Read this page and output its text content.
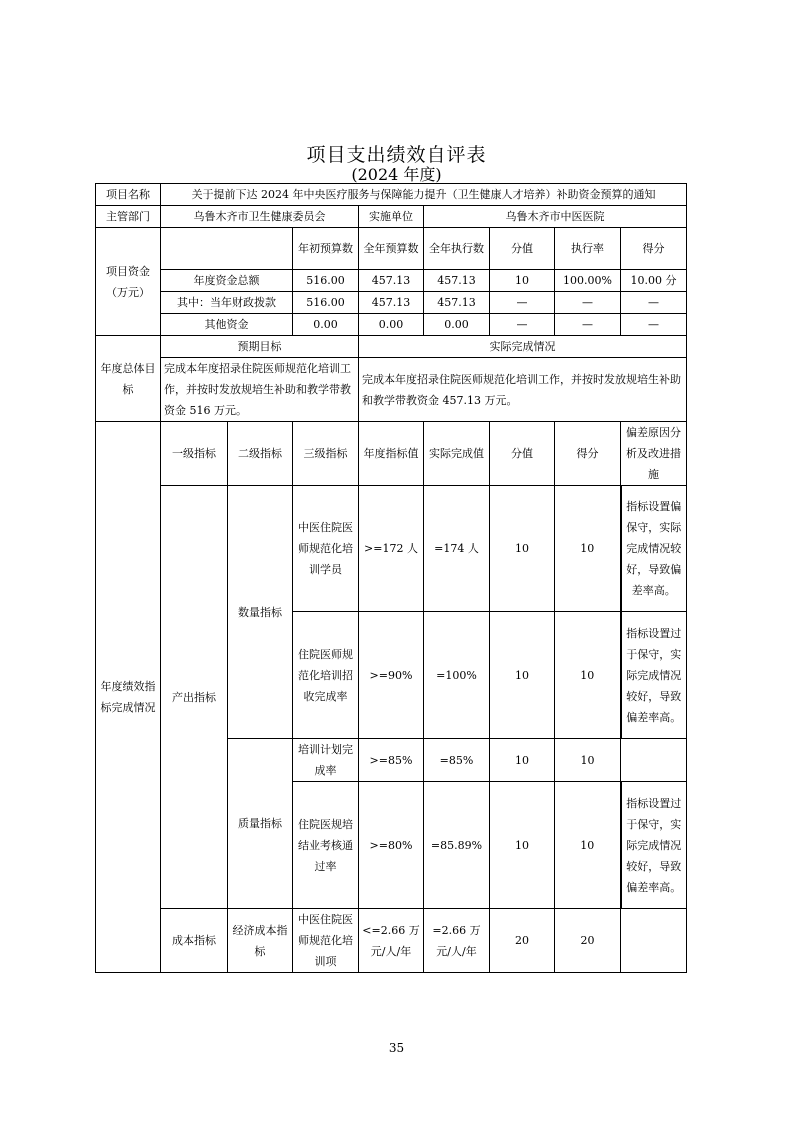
项目支出绩效自评表
(2024 年度)
项目名称	关于提前下达 2024 年中央医疗服务与保障能力提升（卫生健康人才培养）补助资金预算的通知							
主管部门	乌鲁木齐市卫生健康委员会			实施单位	乌鲁木齐市中医医院			
项目资金（万元）			年初预算数	全年预算数	全年执行数	分值	执行率	得分
	年度资金总额		516.00	457.13	457.13	10	100.00%	10.00 分
	其中：当年财政拨款		516.00	457.13	457.13	—	—	—
	其他资金		0.00	0.00	0.00	—	—	—
年度总体目标	预期目标			实际完成情况				
	完成本年度招录住院医师规范化培训工作，并按时发放规培生补助和教学带教资金 516 万元。			完成本年度招录住院医师规范化培训工作，并按时发放规培生补助和教学带教资金 457.13 万元。				
年度绩效指标完成情况	一级指标	二级指标	三级指标	年度指标值	实际完成值	分值	得分	偏差原因分析及改进措施
	产出指标	数量指标	中医住院医师规范化培训学员	>=172 人	=174 人	10	10	指标设置偏保守，实际完成情况较好，导致偏差率高。
			住院医师规范化培训招收完成率	>=90%	=100%	10	10	指标设置过于保守，实际完成情况较好，导致偏差率高。
		质量指标	培训计划完成率	>=85%	=85%	10	10	
			住院医规培结业考核通过率	>=80%	=85.89%	10	10	指标设置过于保守，实际完成情况较好，导致偏差率高。
	成本指标	经济成本指标	中医住院医师规范化培训项	<=2.66 万元/人/年	=2.66 万元/人/年	20	20	
35
